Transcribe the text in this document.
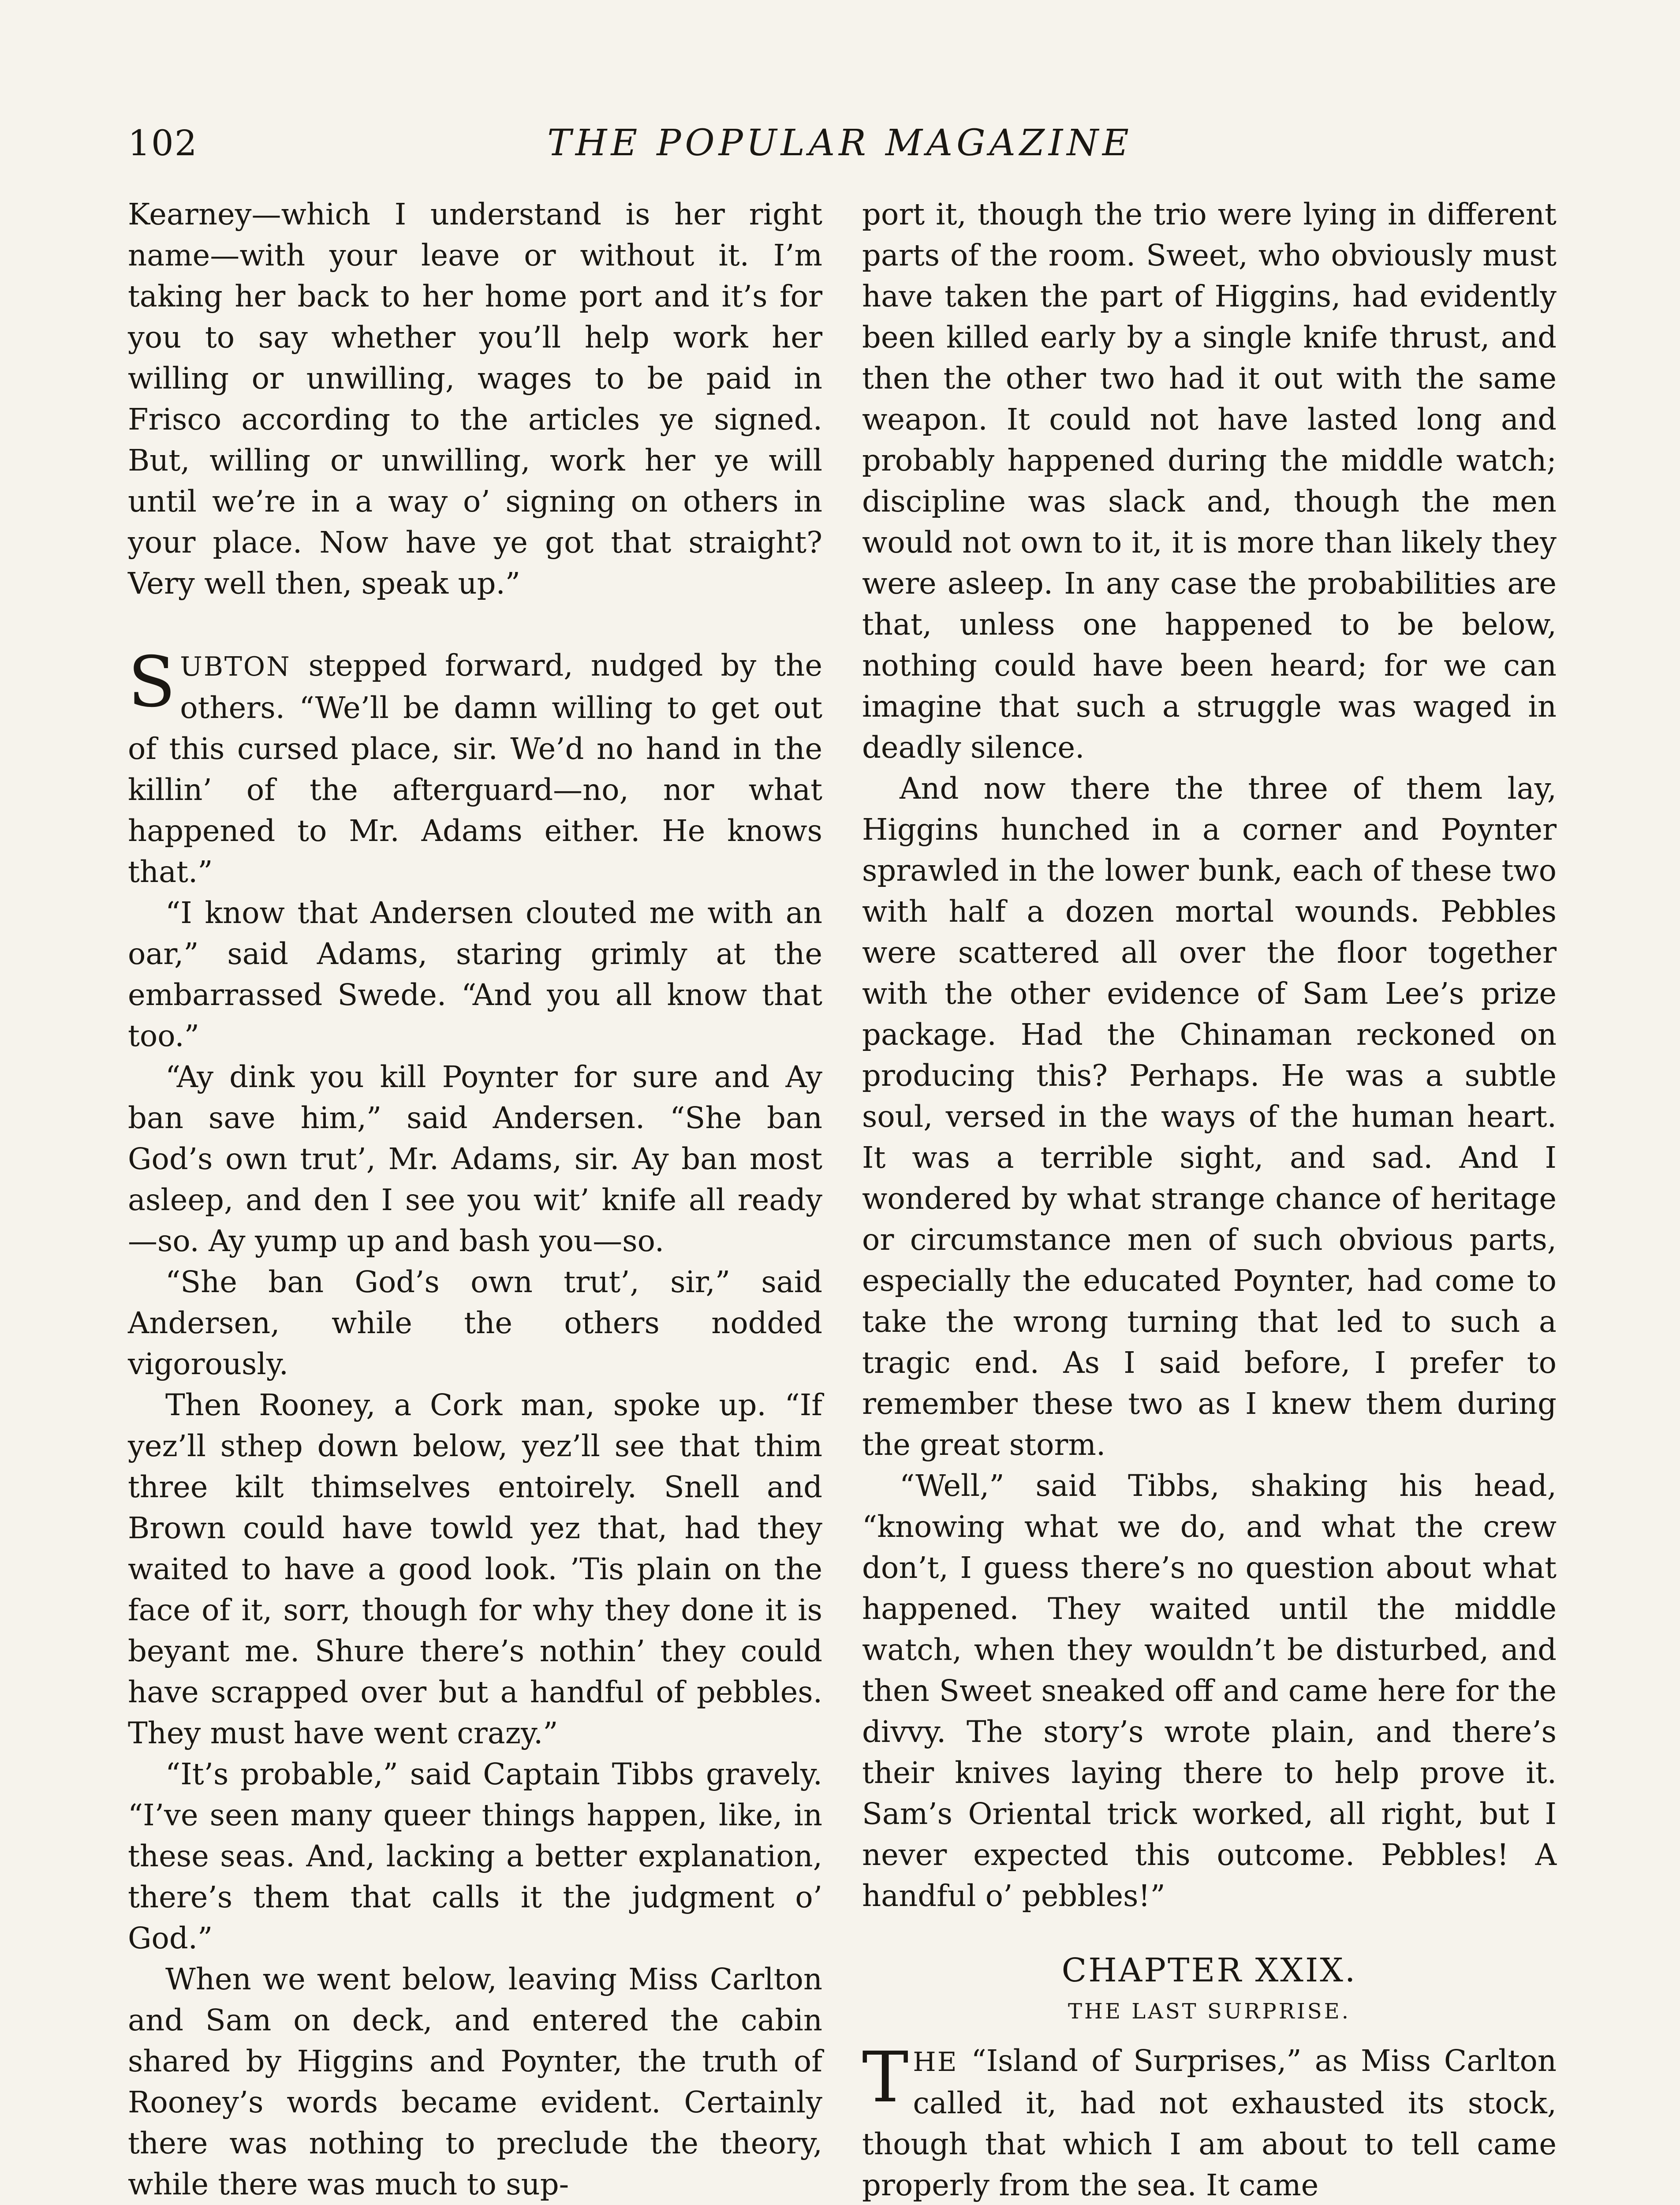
102	THE POPULAR MAGAZINE

Kearney—which I understand is her right name—with your leave or without it. I’m taking her back to her home port and it’s for you to say whether you’ll help work her willing or unwilling, wages to be paid in Frisco according to the articles ye signed. But, willing or unwilling, work her ye will until we’re in a way o’ signing on others in your place. Now have ye got that straight? Very well then, speak up.”

SUBTON stepped forward, nudged by the others. “We’ll be damn willing to get out of this cursed place, sir. We’d no hand in the killin’ of the afterguard—no, nor what happened to Mr. Adams either. He knows that.”

“I know that Andersen clouted me with an oar,” said Adams, staring grimly at the embarrassed Swede. “And you all know that too.”

“Ay dink you kill Poynter for sure and Ay ban save him,” said Andersen. “She ban God’s own trut’, Mr. Adams, sir. Ay ban most asleep, and den I see you wit’ knife all ready—so. Ay yump up and bash you—so.

“She ban God’s own trut’, sir,” said Andersen, while the others nodded vigorously.

Then Rooney, a Cork man, spoke up. “If yez’ll sthep down below, yez’ll see that thim three kilt thimselves entoirely. Snell and Brown could have towld yez that, had they waited to have a good look. ’Tis plain on the face of it, sorr, though for why they done it is beyant me. Shure there’s nothin’ they could have scrapped over but a handful of pebbles. They must have went crazy.”

“It’s probable,” said Captain Tibbs gravely. “I’ve seen many queer things happen, like, in these seas. And, lacking a better explanation, there’s them that calls it the judgment o’ God.”

When we went below, leaving Miss Carlton and Sam on deck, and entered the cabin shared by Higgins and Poynter, the truth of Rooney’s words became evident. Certainly there was nothing to preclude the theory, while there was much to sup-

port it, though the trio were lying in different parts of the room. Sweet, who obviously must have taken the part of Higgins, had evidently been killed early by a single knife thrust, and then the other two had it out with the same weapon. It could not have lasted long and probably happened during the middle watch; discipline was slack and, though the men would not own to it, it is more than likely they were asleep. In any case the probabilities are that, unless one happened to be below, nothing could have been heard; for we can imagine that such a struggle was waged in deadly silence.

And now there the three of them lay, Higgins hunched in a corner and Poynter sprawled in the lower bunk, each of these two with half a dozen mortal wounds. Pebbles were scattered all over the floor together with the other evidence of Sam Lee’s prize package. Had the Chinaman reckoned on producing this? Perhaps. He was a subtle soul, versed in the ways of the human heart. It was a terrible sight, and sad. And I wondered by what strange chance of heritage or circumstance men of such obvious parts, especially the educated Poynter, had come to take the wrong turning that led to such a tragic end. As I said before, I prefer to remember these two as I knew them during the great storm.

“Well,” said Tibbs, shaking his head, “knowing what we do, and what the crew don’t, I guess there’s no question about what happened. They waited until the middle watch, when they wouldn’t be disturbed, and then Sweet sneaked off and came here for the divvy. The story’s wrote plain, and there’s their knives laying there to help prove it. Sam’s Oriental trick worked, all right, but I never expected this outcome. Pebbles! A handful o’ pebbles!”

CHAPTER XXIX.
THE LAST SURPRISE.

THE “Island of Surprises,” as Miss Carlton called it, had not exhausted its stock, though that which I am about to tell came properly from the sea. It came
